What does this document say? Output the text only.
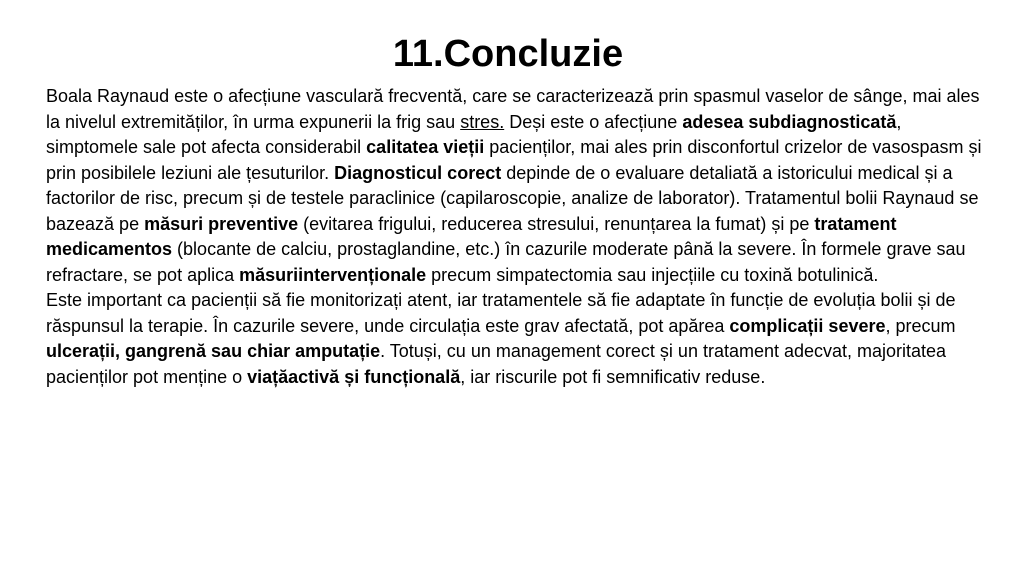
11.Concluzie

Boala Raynaud este o afecțiune vasculară frecventă, care se caracterizează prin spasmul vaselor de sânge, mai ales la nivelul extremităților, în urma expunerii la frig sau stres. Deși este o afecțiune adesea subdiagnosticată, simptomele sale pot afecta considerabil calitatea vieții pacienților, mai ales prin disconfortul crizelor de vasospasm și prin posibilele leziuni ale țesuturilor. Diagnosticul corect depinde de o evaluare detaliată a istoricului medical și a factorilor de risc, precum și de testele paraclinice (capilaroscopie, analize de laborator). Tratamentul bolii Raynaud se bazează pe măsuri preventive (evitarea frigului, reducerea stresului, renunțarea la fumat) și pe tratament medicamentos (blocante de calciu, prostaglandine, etc.) în cazurile moderate până la severe. În formele grave sau refractare, se pot aplica măsuriintervenționale precum simpatectomia sau injecțiile cu toxină botulinică.

Este important ca pacienții să fie monitorizați atent, iar tratamentele să fie adaptate în funcție de evoluția bolii și de răspunsul la terapie. În cazurile severe, unde circulația este grav afectată, pot apărea complicații severe, precum ulcerații, gangrenă sau chiar amputație. Totuși, cu un management corect și un tratament adecvat, majoritatea pacienților pot menține o viațăactivă și funcțională, iar riscurile pot fi semnificativ reduse.
